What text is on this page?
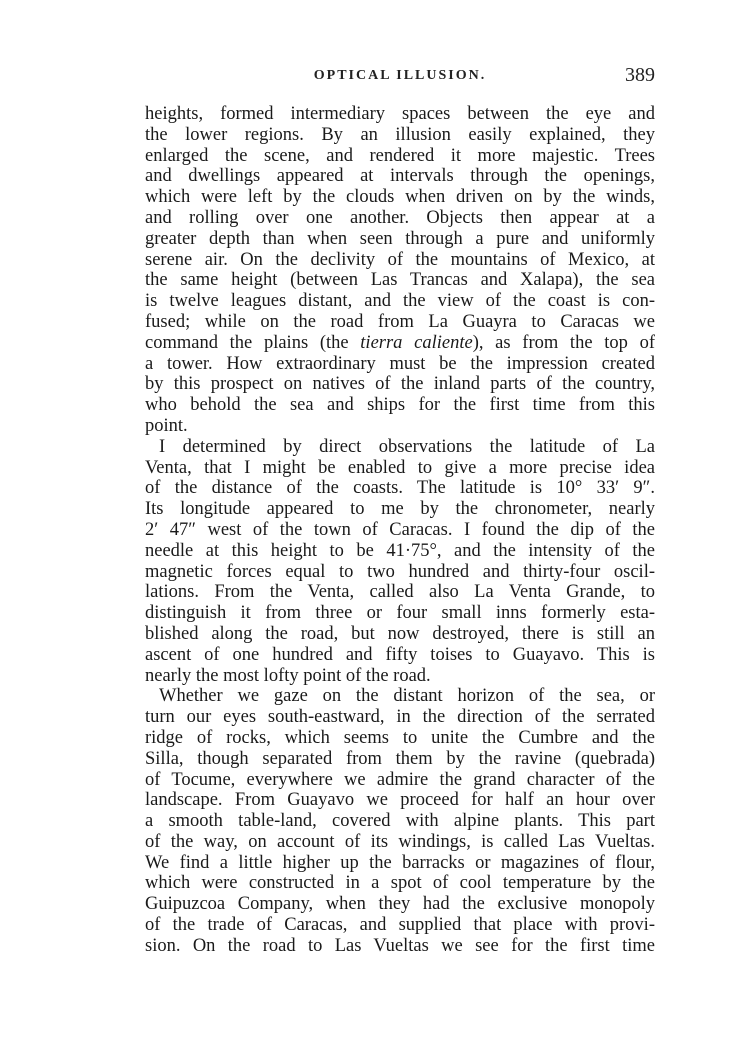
OPTICAL ILLUSION.	389
heights, formed intermediary spaces between the eye and
the lower regions. By an illusion easily explained, they
enlarged the scene, and rendered it more majestic. Trees
and dwellings appeared at intervals through the openings,
which were left by the clouds when driven on by the winds,
and rolling over one another. Objects then appear at a
greater depth than when seen through a pure and uniformly
serene air. On the declivity of the mountains of Mexico, at
the same height (between Las Trancas and Xalapa), the sea
is twelve leagues distant, and the view of the coast is con-
fused; while on the road from La Guayra to Caracas we
command the plains (the tierra caliente), as from the top of
a tower. How extraordinary must be the impression created
by this prospect on natives of the inland parts of the country,
who behold the sea and ships for the first time from this
point.
I determined by direct observations the latitude of La
Venta, that I might be enabled to give a more precise idea
of the distance of the coasts. The latitude is 10° 33′ 9″.
Its longitude appeared to me by the chronometer, nearly
2′ 47″ west of the town of Caracas. I found the dip of the
needle at this height to be 41·75°, and the intensity of the
magnetic forces equal to two hundred and thirty-four oscil-
lations. From the Venta, called also La Venta Grande, to
distinguish it from three or four small inns formerly esta-
blished along the road, but now destroyed, there is still an
ascent of one hundred and fifty toises to Guayavo. This is
nearly the most lofty point of the road.
Whether we gaze on the distant horizon of the sea, or
turn our eyes south-eastward, in the direction of the serrated
ridge of rocks, which seems to unite the Cumbre and the
Silla, though separated from them by the ravine (quebrada)
of Tocume, everywhere we admire the grand character of the
landscape. From Guayavo we proceed for half an hour over
a smooth table-land, covered with alpine plants. This part
of the way, on account of its windings, is called Las Vueltas.
We find a little higher up the barracks or magazines of flour,
which were constructed in a spot of cool temperature by the
Guipuzcoa Company, when they had the exclusive monopoly
of the trade of Caracas, and supplied that place with provi-
sion. On the road to Las Vueltas we see for the first time
